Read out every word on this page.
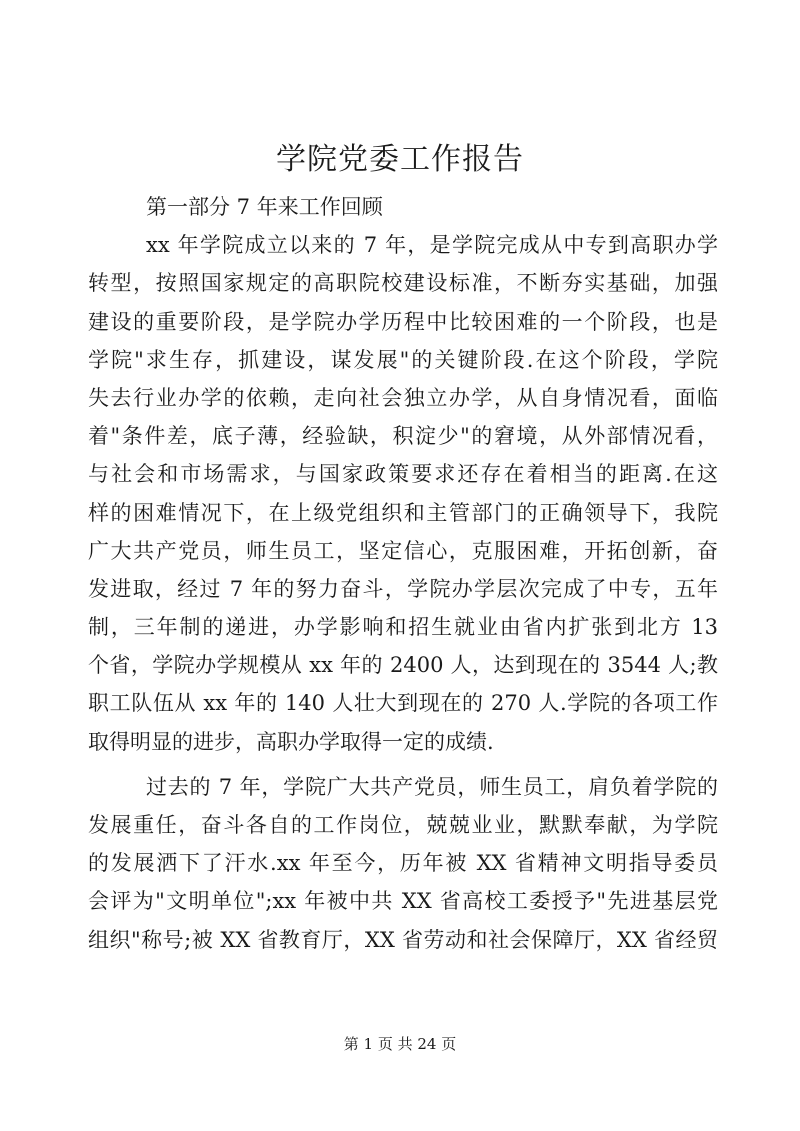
学院党委工作报告
第一部分 7 年来工作回顾
xx 年学院成立以来的 7 年，是学院完成从中专到高职办学
转型，按照国家规定的高职院校建设标准，不断夯实基础，加强
建设的重要阶段，是学院办学历程中比较困难的一个阶段，也是
学院"求生存，抓建设，谋发展"的关键阶段.在这个阶段，学院
失去行业办学的依赖，走向社会独立办学，从自身情况看，面临
着"条件差，底子薄，经验缺，积淀少"的窘境，从外部情况看，
与社会和市场需求，与国家政策要求还存在着相当的距离.在这
样的困难情况下，在上级党组织和主管部门的正确领导下，我院
广大共产党员，师生员工，坚定信心，克服困难，开拓创新，奋
发进取，经过 7 年的努力奋斗，学院办学层次完成了中专，五年
制，三年制的递进，办学影响和招生就业由省内扩张到北方 13
个省，学院办学规模从 xx 年的 2400 人，达到现在的 3544 人;教
职工队伍从 xx 年的 140 人壮大到现在的 270 人.学院的各项工作
取得明显的进步，高职办学取得一定的成绩.
过去的 7 年，学院广大共产党员，师生员工，肩负着学院的
发展重任，奋斗各自的工作岗位，兢兢业业，默默奉献，为学院
的发展洒下了汗水.xx 年至今，历年被 XX 省精神文明指导委员
会评为"文明单位";xx 年被中共 XX 省高校工委授予"先进基层党
组织"称号;被 XX 省教育厅，XX 省劳动和社会保障厅，XX 省经贸
第 1 页 共 24 页
